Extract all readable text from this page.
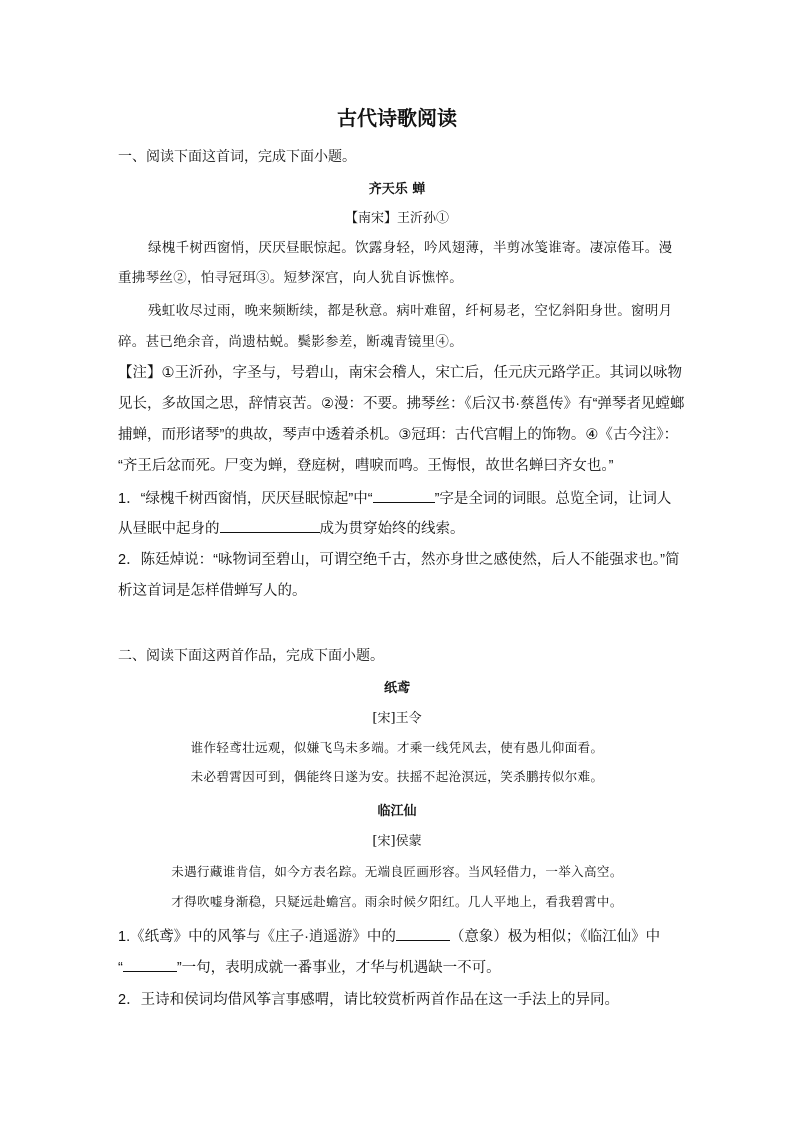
古代诗歌阅读
一、阅读下面这首词，完成下面小题。
齐天乐 蝉
【南宋】王沂孙①
绿槐千树西窗悄，厌厌昼眠惊起。饮露身轻，吟风翅薄，半剪冰笺谁寄。凄凉倦耳。漫
重拂琴丝②，怕寻冠珥③。短梦深宫，向人犹自诉憔悴。
残虹收尽过雨，晚来频断续，都是秋意。病叶难留，纤柯易老，空忆斜阳身世。窗明月
碎。甚已绝余音，尚遗枯蜕。鬓影参差，断魂青镜里④。
【注】①王沂孙，字圣与，号碧山，南宋会稽人，宋亡后，任元庆元路学正。其词以咏物
见长，多故国之思，辞情哀苦。②漫：不要。拂琴丝：《后汉书·蔡邕传》有“弹琴者见螳螂
捕蝉，而形诸琴”的典故，琴声中透着杀机。③冠珥：古代宫帽上的饰物。④《古今注》：
“齐王后忿而死。尸变为蝉，登庭树，嘒唳而鸣。王悔恨，故世名蝉曰齐女也。”
1．“绿槐千树西窗悄，厌厌昼眠惊起”中“	”字是全词的词眼。总览全词，让词人
从昼眠中起身的	成为贯穿始终的线索。
2．陈廷焯说：“咏物词至碧山，可谓空绝千古，然亦身世之感使然，后人不能强求也。”简
析这首词是怎样借蝉写人的。
二、阅读下面这两首作品，完成下面小题。
纸鸢
[宋]王令
谁作轻鸢壮远观，似嫌飞鸟未多端。才乘一线凭风去，使有愚儿仰面看。
未必碧霄因可到，偶能终日遂为安。扶摇不起沧溟远，笑杀鹏抟似尔难。
临江仙
[宋]侯蒙
未遇行藏谁肯信，如今方表名踪。无端良匠画形容。当风轻借力，一举入高空。
才得吹嘘身渐稳，只疑远赴蟾宫。雨余时候夕阳红。几人平地上，看我碧霄中。
1.《纸鸢》中的风筝与《庄子·逍遥游》中的	（意象）极为相似；《临江仙》中
“	”一句，表明成就一番事业，才华与机遇缺一不可。
2．王诗和侯词均借风筝言事感喟，请比较赏析两首作品在这一手法上的异同。
